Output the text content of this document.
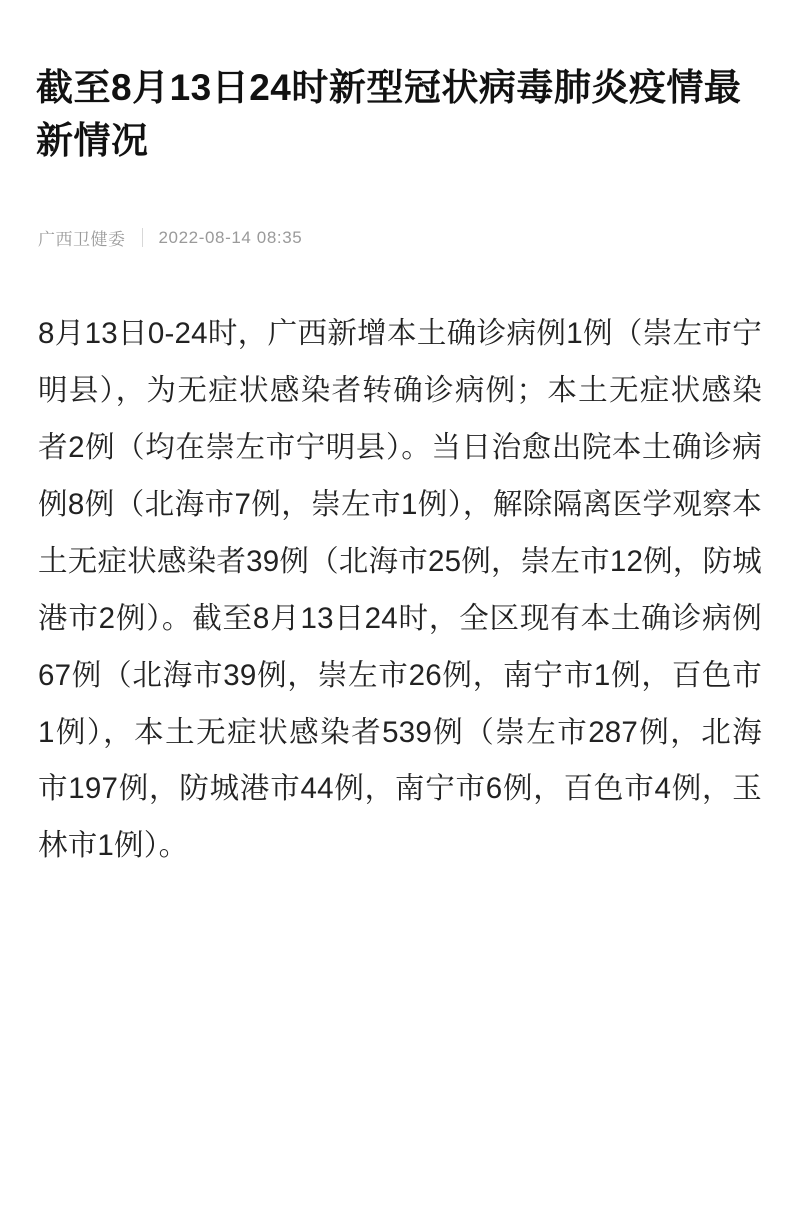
截至8月13日24时新型冠状病毒肺炎疫情最新情况
广西卫健委 2022-08-14 08:35

8月13日0-24时，广西新增本土确诊病例1例（崇左市宁明县），为无症状感染者转确诊病例；本土无症状感染者2例（均在崇左市宁明县）。当日治愈出院本土确诊病例8例（北海市7例，崇左市1例），解除隔离医学观察本土无症状感染者39例（北海市25例，崇左市12例，防城港市2例）。截至8月13日24时，全区现有本土确诊病例67例（北海市39例，崇左市26例，南宁市1例，百色市1例），本土无症状感染者539例（崇左市287例，北海市197例，防城港市44例，南宁市6例，百色市4例，玉林市1例）。
